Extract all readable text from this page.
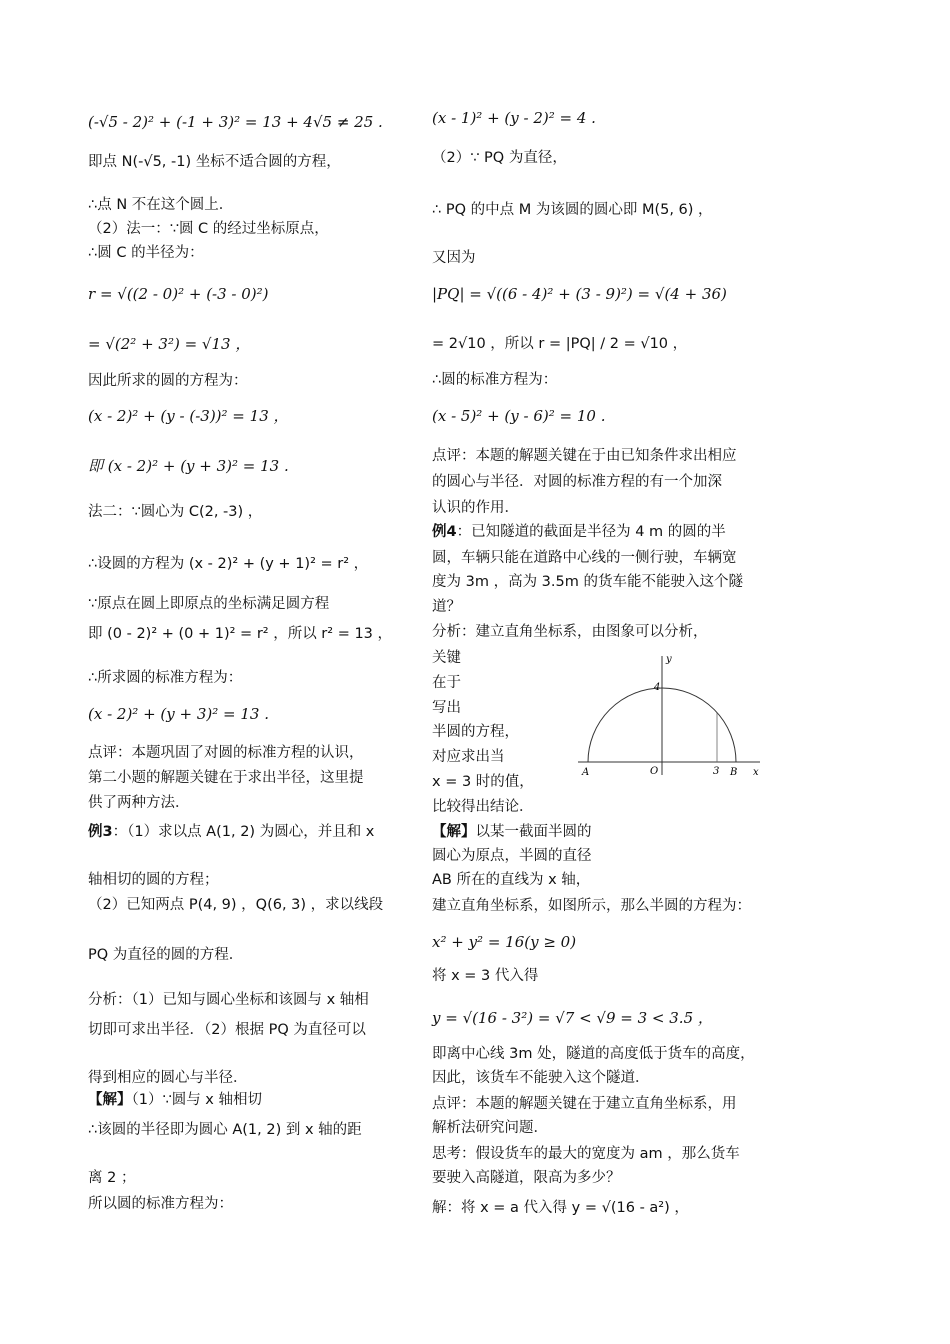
(-√5 - 2)² + (-1 + 3)² = 13 + 4√5 ≠ 25 .
即点 N(-√5, -1) 坐标不适合圆的方程，
∴点 N 不在这个圆上．
（2）法一：∵圆 C 的经过坐标原点，
∴圆 C 的半径为：
r = √((2 - 0)² + (-3 - 0)²)
= √(2² + 3²) = √13 ，
因此所求的圆的方程为：
(x - 2)² + (y - (-3))² = 13 ，
即 (x - 2)² + (y + 3)² = 13 .
法二：∵圆心为 C(2, -3) ，
∴设圆的方程为 (x - 2)² + (y + 1)² = r² ，
∵原点在圆上即原点的坐标满足圆方程
即 (0 - 2)² + (0 + 1)² = r² ，所以 r² = 13 ，
∴所求圆的标准方程为：
(x - 2)² + (y + 3)² = 13 .
点评：本题巩固了对圆的标准方程的认识，
第二小题的解题关键在于求出半径，这里提
供了两种方法．
例3：（1）求以点 A(1, 2) 为圆心，并且和 x
轴相切的圆的方程；
（2）已知两点 P(4, 9) ，Q(6, 3) ，求以线段
PQ 为直径的圆的方程．
分析：（1）已知与圆心坐标和该圆与 x 轴相
切即可求出半径．（2）根据 PQ 为直径可以
得到相应的圆心与半径．
【解】（1）∵圆与 x 轴相切
∴该圆的半径即为圆心 A(1, 2) 到 x 轴的距
离 2 ；
所以圆的标准方程为：
(x - 1)² + (y - 2)² = 4 .
（2）∵ PQ 为直径，
∴ PQ 的中点 M 为该圆的圆心即 M(5, 6) ，
又因为
|PQ| = √((6 - 4)² + (3 - 9)²) = √(4 + 36)
= 2√10 ，所以 r = |PQ| / 2 = √10 ，
∴圆的标准方程为：
(x - 5)² + (y - 6)² = 10 .
点评：本题的解题关键在于由已知条件求出相应
的圆心与半径．对圆的标准方程的有一个加深
认识的作用．
例4：已知隧道的截面是半径为 4 m 的圆的半
圆，车辆只能在道路中心线的一侧行驶，车辆宽
度为 3m ，高为 3.5m 的货车能不能驶入这个隧
道？
分析：建立直角坐标系，由图象可以分析，
关键
在于
写出
半圆的方程，
对应求出当
x = 3 时的值，
比较得出结论．
【解】以某一截面半圆的
圆心为原点，半圆的直径
AB 所在的直线为 x 轴，
建立直角坐标系，如图所示，那么半圆的方程为：
x² + y² = 16(y ≥ 0)
将 x = 3 代入得
y = √(16 - 3²) = √7 < √9 = 3 < 3.5 ，
即离中心线 3m 处，隧道的高度低于货车的高度，
因此，该货车不能驶入这个隧道．
点评：本题的解题关键在于建立直角坐标系，用
解析法研究问题．
思考：假设货车的最大的宽度为 am ，那么货车
要驶入高隧道，限高为多少？
解：将 x = a 代入得 y = √(16 - a²) ，
y
x
4
O
A	B
3
